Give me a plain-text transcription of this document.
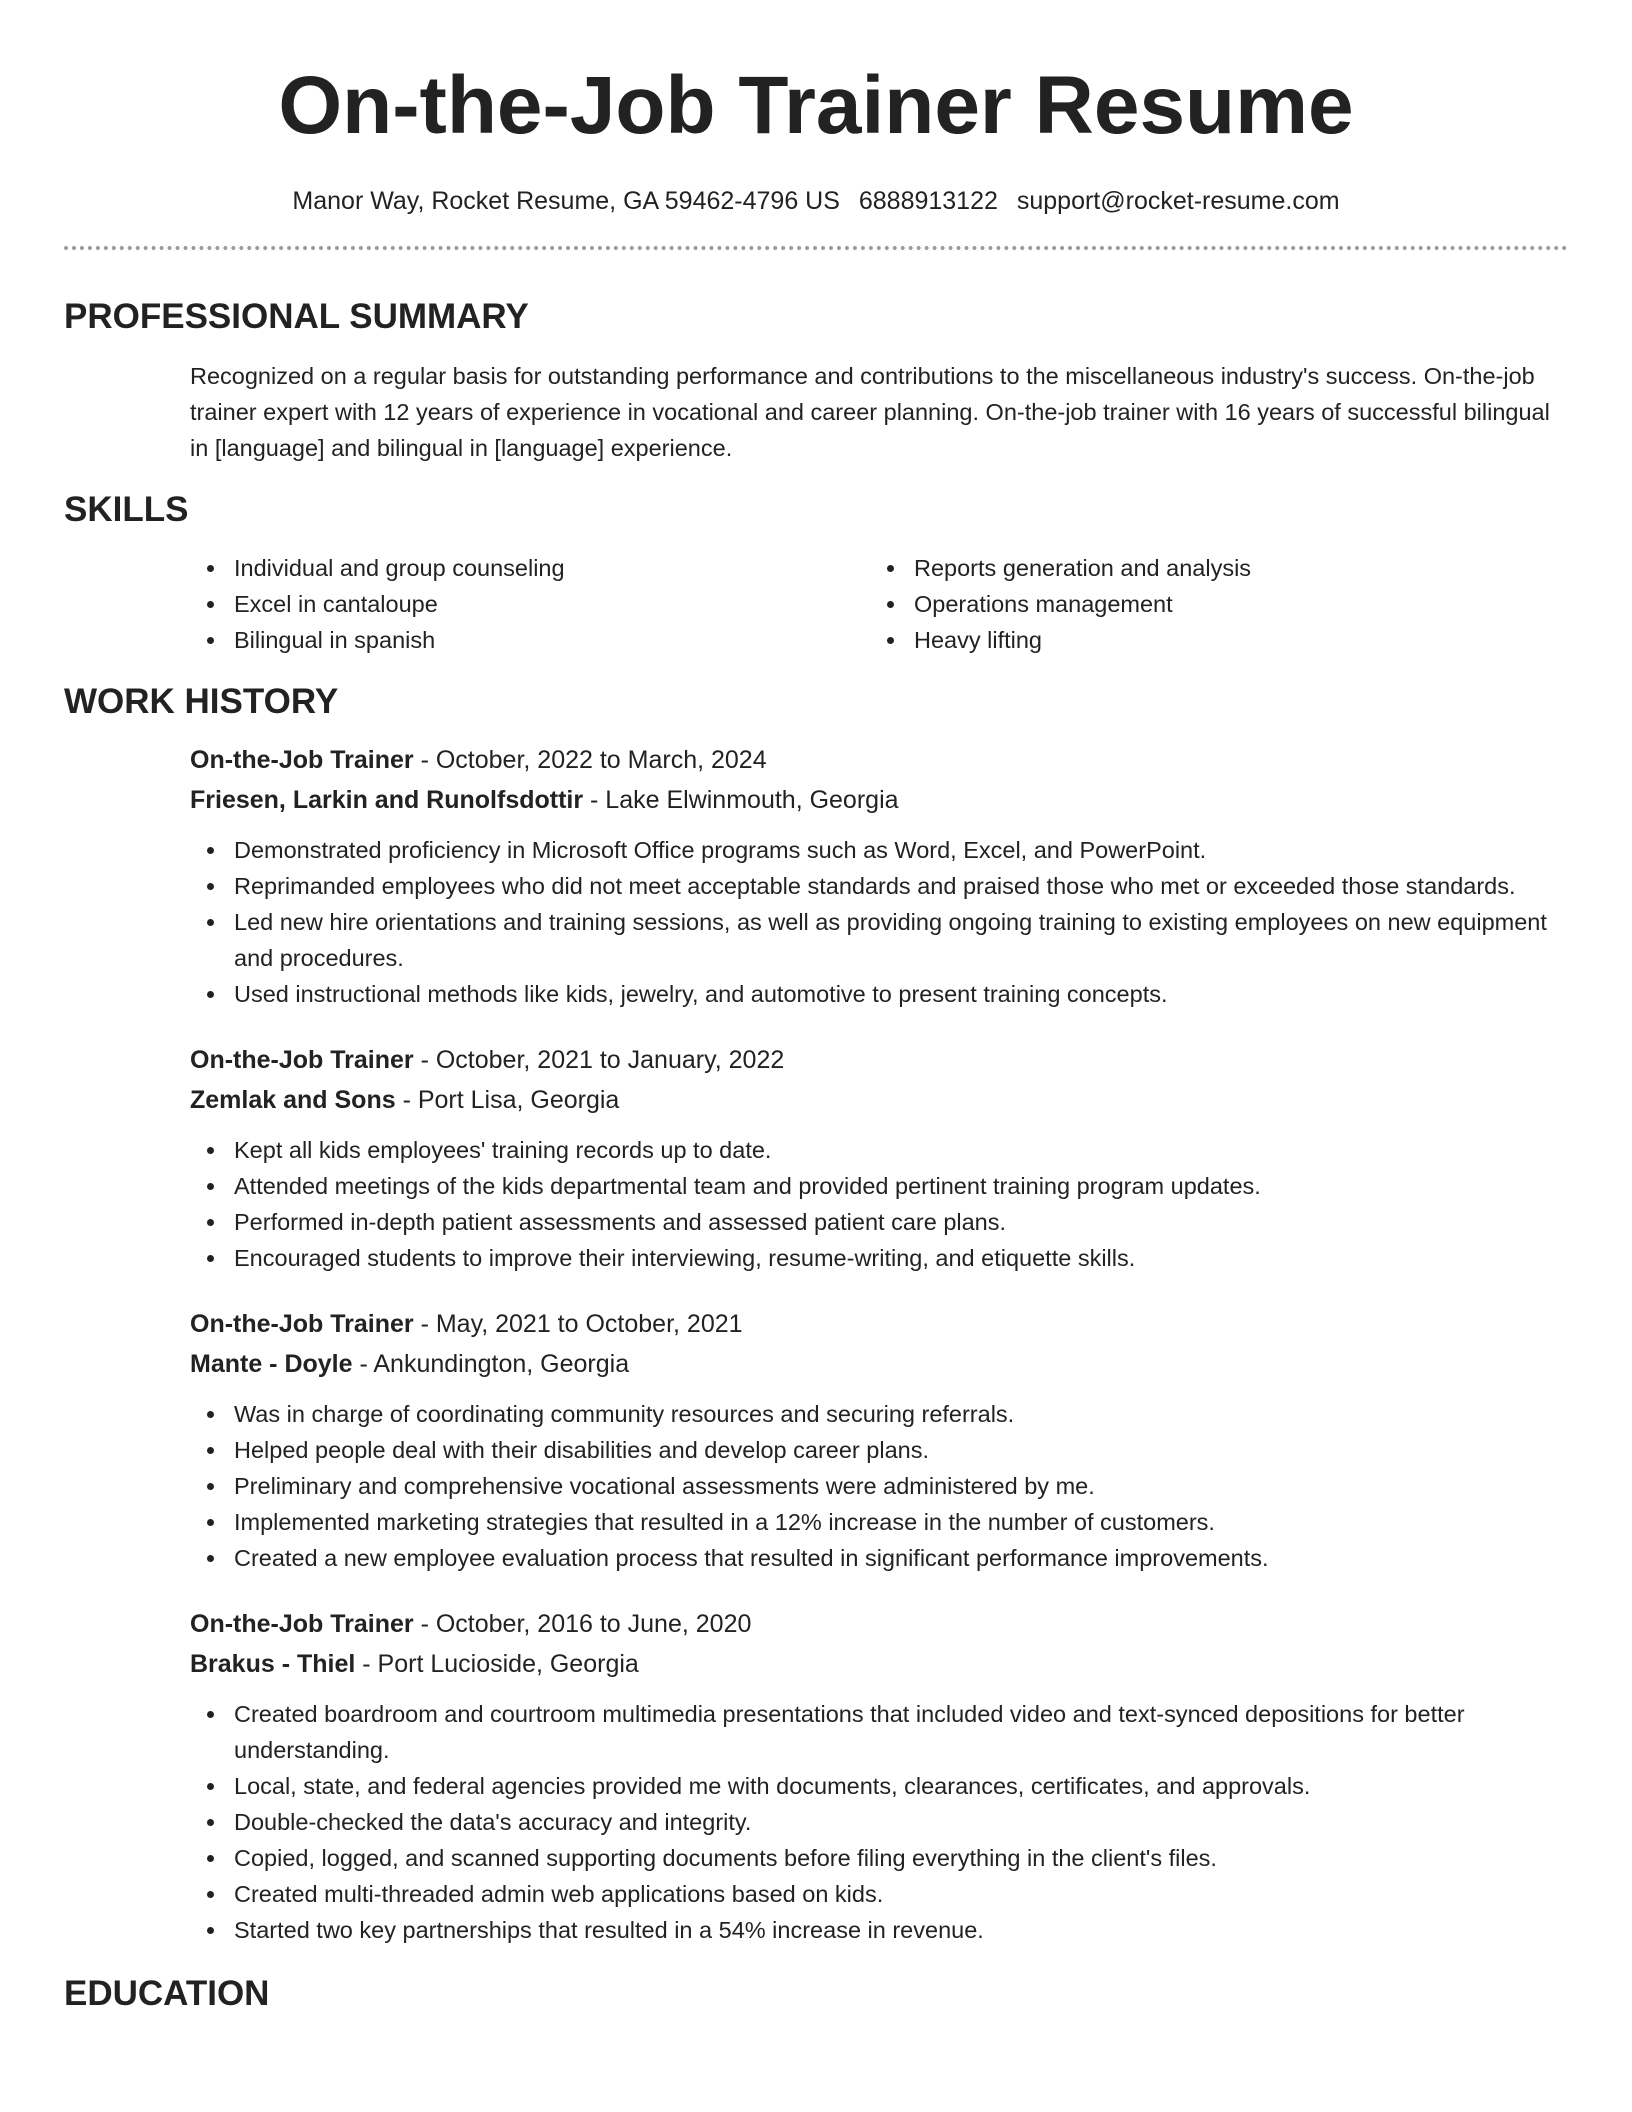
On-the-Job Trainer Resume
Manor Way, Rocket Resume, GA 59462-4796 US 6888913122 support@rocket-resume.com
PROFESSIONAL SUMMARY

Recognized on a regular basis for outstanding performance and contributions to the miscellaneous industry's success. On-the-job trainer expert with 12 years of experience in vocational and career planning. On-the-job trainer with 16 years of successful bilingual in [language] and bilingual in [language] experience.

SKILLS
Individual and group counseling
Excel in cantaloupe
Bilingual in spanish
Reports generation and analysis
Operations management
Heavy lifting
WORK HISTORY
On-the-Job Trainer - October, 2022 to March, 2024
Friesen, Larkin and Runolfsdottir - Lake Elwinmouth, Georgia
Demonstrated proficiency in Microsoft Office programs such as Word, Excel, and PowerPoint.
Reprimanded employees who did not meet acceptable standards and praised those who met or exceeded those standards.
Led new hire orientations and training sessions, as well as providing ongoing training to existing employees on new equipment and procedures.
Used instructional methods like kids, jewelry, and automotive to present training concepts.
On-the-Job Trainer - October, 2021 to January, 2022
Zemlak and Sons - Port Lisa, Georgia
Kept all kids employees' training records up to date.
Attended meetings of the kids departmental team and provided pertinent training program updates.
Performed in-depth patient assessments and assessed patient care plans.
Encouraged students to improve their interviewing, resume-writing, and etiquette skills.
On-the-Job Trainer - May, 2021 to October, 2021
Mante - Doyle - Ankundington, Georgia
Was in charge of coordinating community resources and securing referrals.
Helped people deal with their disabilities and develop career plans.
Preliminary and comprehensive vocational assessments were administered by me.
Implemented marketing strategies that resulted in a 12% increase in the number of customers.
Created a new employee evaluation process that resulted in significant performance improvements.
On-the-Job Trainer - October, 2016 to June, 2020
Brakus - Thiel - Port Lucioside, Georgia
Created boardroom and courtroom multimedia presentations that included video and text-synced depositions for better understanding.
Local, state, and federal agencies provided me with documents, clearances, certificates, and approvals.
Double-checked the data's accuracy and integrity.
Copied, logged, and scanned supporting documents before filing everything in the client's files.
Created multi-threaded admin web applications based on kids.
Started two key partnerships that resulted in a 54% increase in revenue.
EDUCATION
